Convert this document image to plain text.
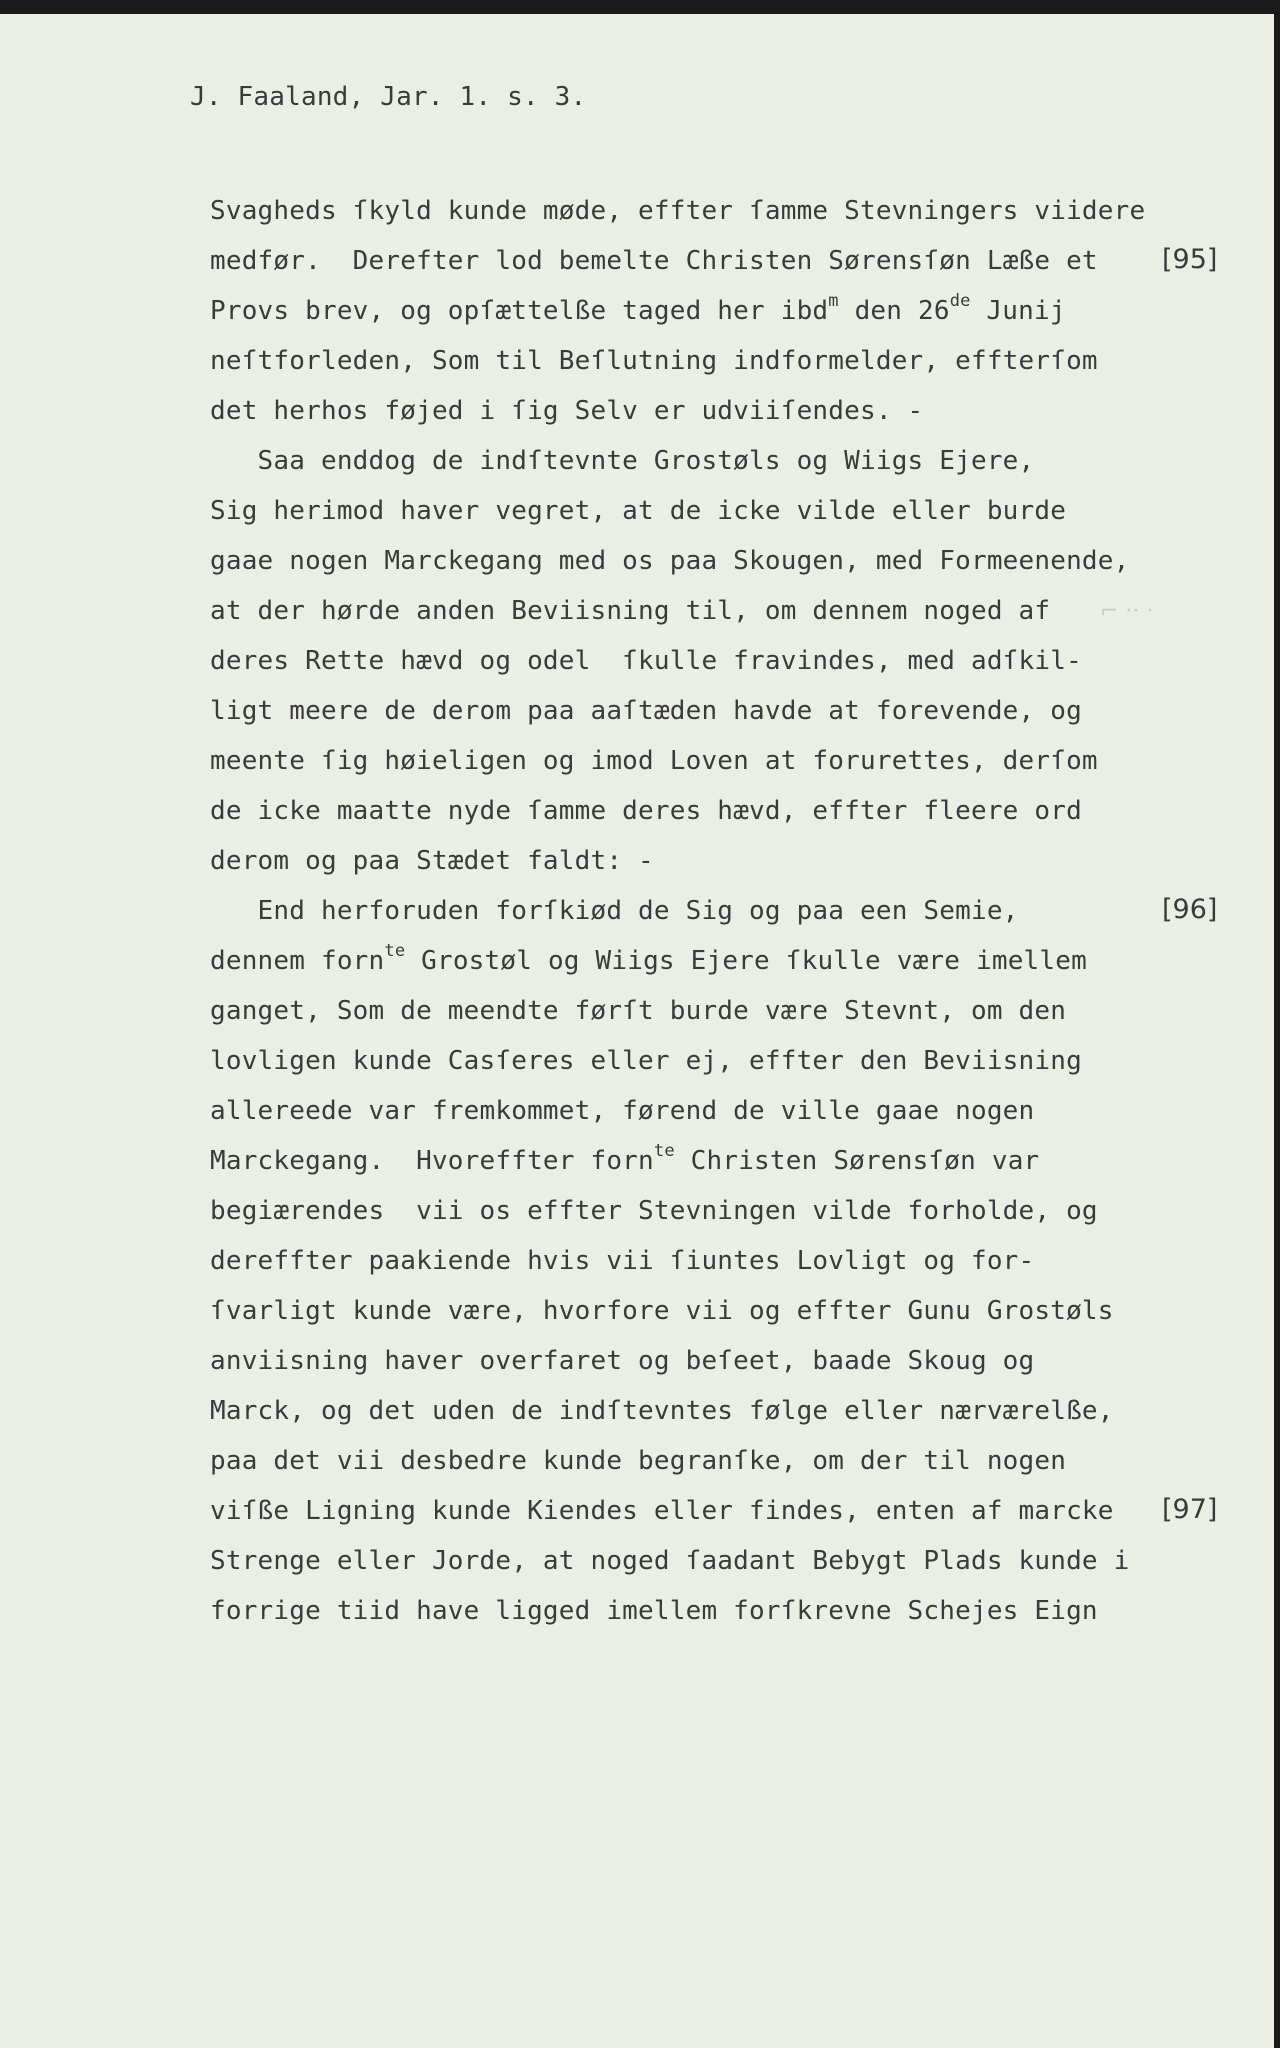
J. Faaland, Jar. 1. s. 3.
Svagheds ſkyld kunde møde, effter ſamme Stevningers viidere
medfør.  Derefter lod bemelte Christen Sørensſøn Læße et
Provs brev, og opſættelße taged her ibd$^m$ den 26de Junij
neſtforleden, Som til Beſlutning indformelder, effterſom
det herhos føjed i ſig Selv er udviiſendes. -
Saa enddog de indſtevnte Grostøls og Wiigs Ejere,
Sig herimod haver vegret, at de icke vilde eller burde
gaae nogen Marckegang med os paa Skougen, med Formeenende,
at der hørde anden Beviisning til, om dennem noged af
deres Rette hævd og odel  ſkulle fravindes, med adſkil-
ligt meere de derom paa aaſtæden havde at forevende, og
meente ſig høieligen og imod Loven at forurettes, derſom
de icke maatte nyde ſamme deres hævd, effter fleere ord
derom og paa Stædet faldt: -
End herforuden forſkiød de Sig og paa een Semie,
dennem forn$^{te}$ Grostøl og Wiigs Ejere ſkulle være imellem
ganget, Som de meendte førſt burde være Stevnt, om den
lovligen kunde Casſeres eller ej, effter den Beviisning
allereede var fremkommet, førend de ville gaae nogen
Marckegang.  Hvoreffter forn$^{te}$ Christen Sørensſøn var
begiærendes  vii os effter Stevningen vilde forholde, og
dereffter paakiende hvis vii ſiuntes Lovligt og for-
ſvarligt kunde være, hvorfore vii og effter Gunu Grostøls
anviisning haver overfaret og beſeet, baade Skoug og
Marck, og det uden de indſtevntes følge eller nærværelße,
paa det vii desbedre kunde begranſke, om der til nogen
viſße Ligning kunde Kiendes eller findes, enten af marcke
Strenge eller Jorde, at noged ſaadant Bebygt Plads kunde i
forrige tiid have ligged imellem forſkrevne Schejes Eign
[95]
[96]
[97]
⌐ ·· ·
